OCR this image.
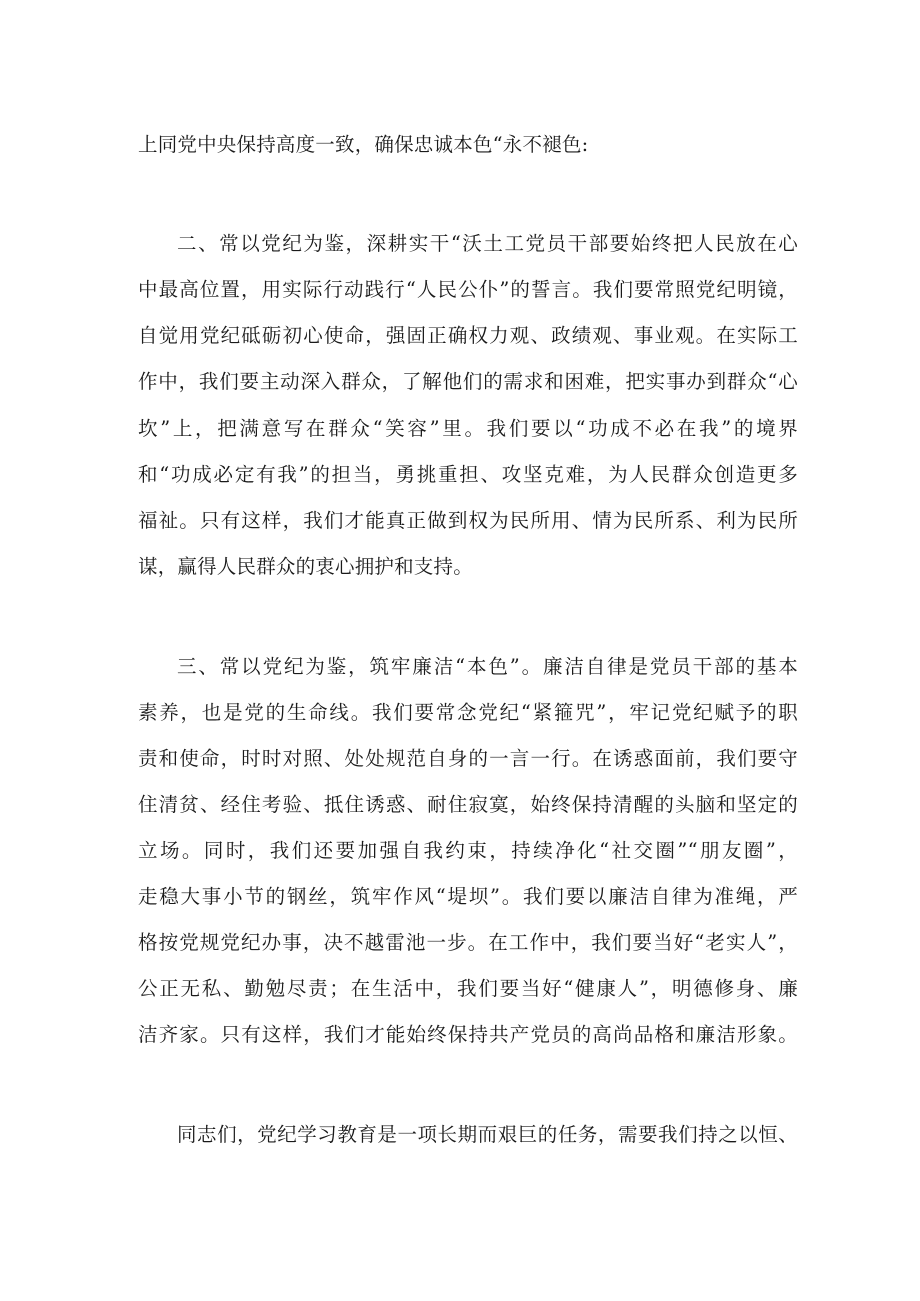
上同党中央保持高度一致，确保忠诚本色“永不褪色:
二、常以党纪为鉴，深耕实干“沃土工党员干部要始终把人民放在心
中最高位置，用实际行动践行“人民公仆”的誓言。我们要常照党纪明镜，
自觉用党纪砥砺初心使命，强固正确权力观、政绩观、事业观。在实际工
作中，我们要主动深入群众，了解他们的需求和困难，把实事办到群众“心
坎”上，把满意写在群众“笑容”里。我们要以“功成不必在我”的境界
和“功成必定有我”的担当，勇挑重担、攻坚克难，为人民群众创造更多
福祉。只有这样，我们才能真正做到权为民所用、情为民所系、利为民所
谋，赢得人民群众的衷心拥护和支持。
三、常以党纪为鉴，筑牢廉洁“本色”。廉洁自律是党员干部的基本
素养，也是党的生命线。我们要常念党纪“紧箍咒”，牢记党纪赋予的职
责和使命，时时对照、处处规范自身的一言一行。在诱惑面前，我们要守
住清贫、经住考验、抵住诱惑、耐住寂寞，始终保持清醒的头脑和坚定的
立场。同时，我们还要加强自我约束，持续净化“社交圈”“朋友圈”，
走稳大事小节的钢丝，筑牢作风“堤坝”。我们要以廉洁自律为准绳，严
格按党规党纪办事，决不越雷池一步。在工作中，我们要当好“老实人”，
公正无私、勤勉尽责；在生活中，我们要当好“健康人”，明德修身、廉
洁齐家。只有这样，我们才能始终保持共产党员的高尚品格和廉洁形象。
同志们，党纪学习教育是一项长期而艰巨的任务，需要我们持之以恒、
